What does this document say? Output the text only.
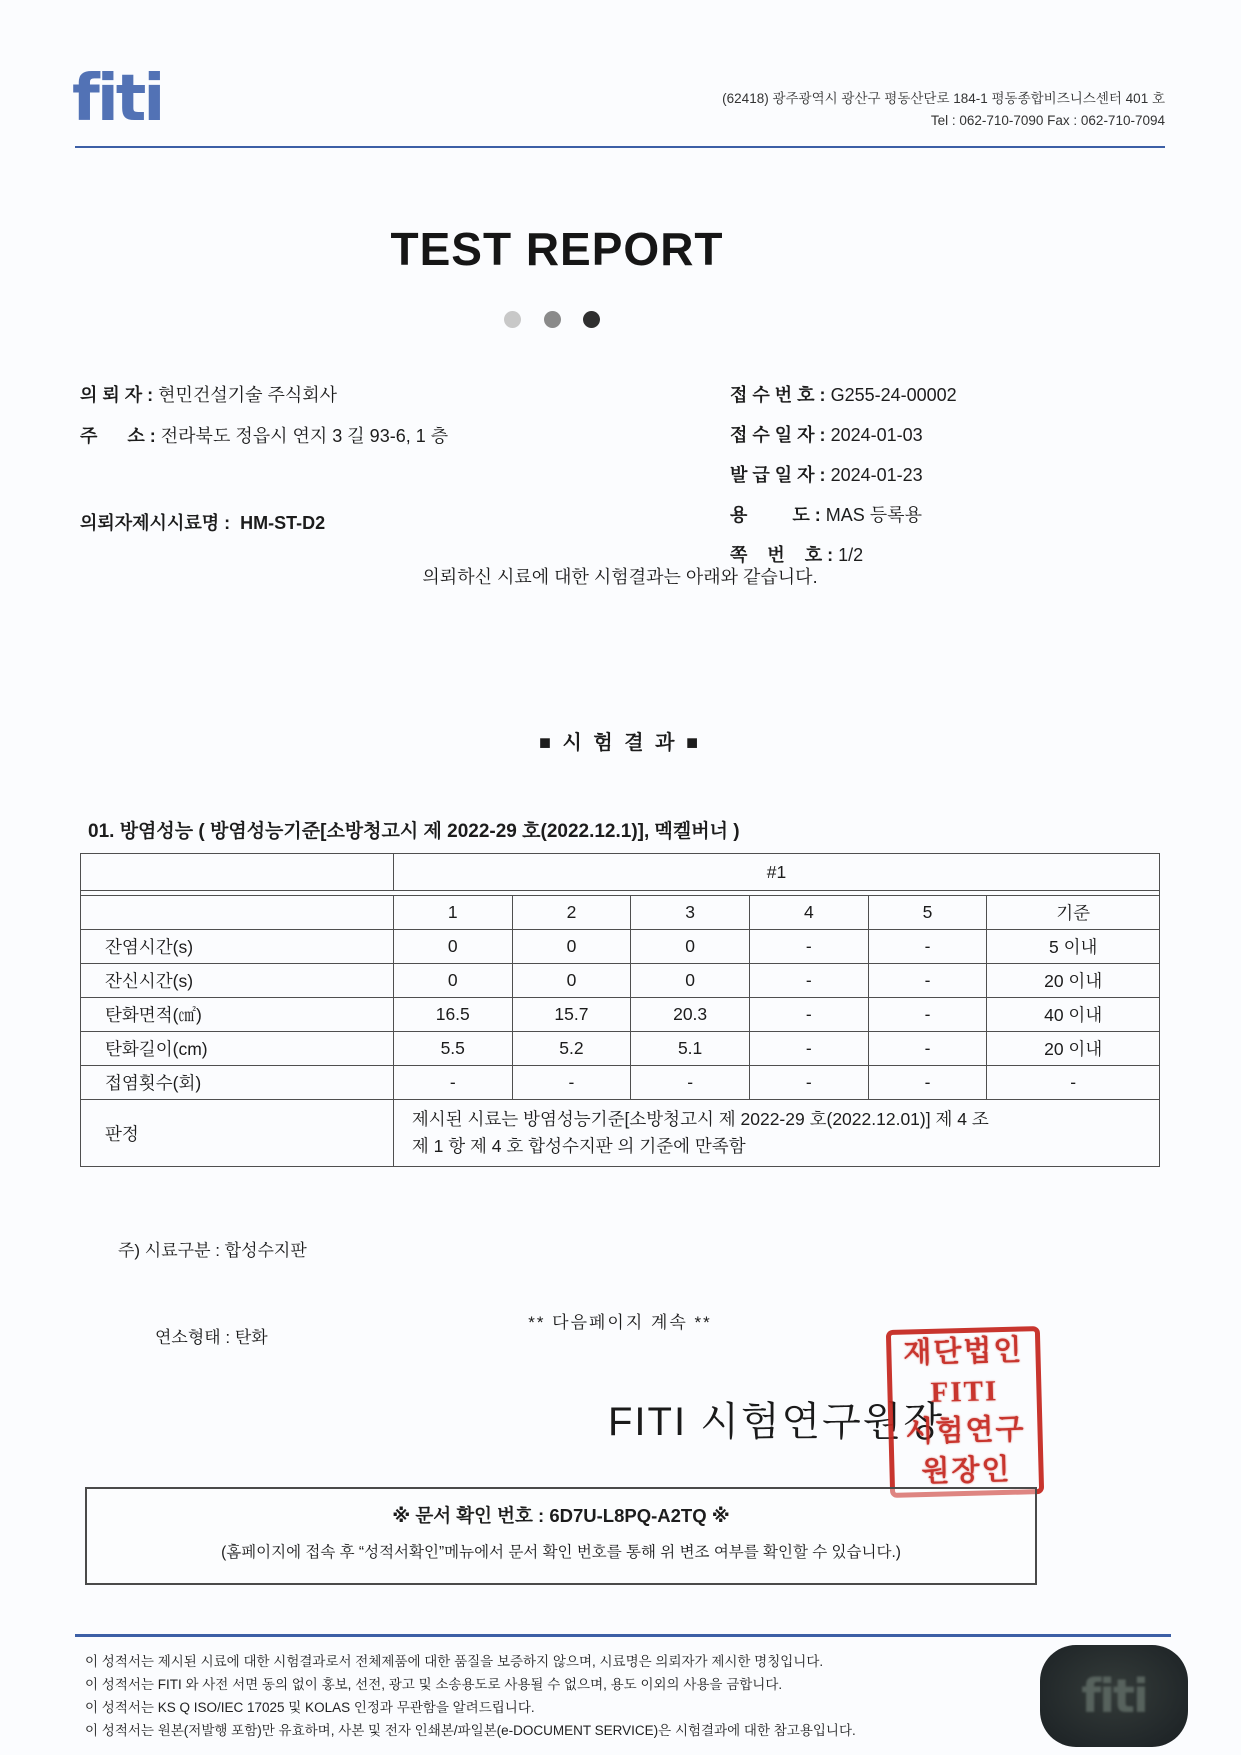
fiti	(62418) 광주광역시 광산구 평동산단로 184-1 평동종합비즈니스센터 401 호
Tel : 062-710-7090 Fax : 062-710-7094
TEST REPORT

의 뢰 자 : 현민건설기술 주식회사
주      소 : 전라북도 정읍시 연지 3 길 93-6, 1 층
의뢰자제시시료명 :  HM-ST-D2
접 수 번 호 : G255-24-00002
접 수 일 자 : 2024-01-03
발 급 일 자 : 2024-01-23
용         도 : MAS 등록용
쪽    번    호 : 1/2
의뢰하신 시료에 대한 시험결과는 아래와 같습니다.
■ 시 험 결 과 ■
01. 방염성능 ( 방염성능기준[소방청고시 제 2022-29 호(2022.12.1)], 멕켈버너 )
	#1					

	1	2	3	4	5	기준
잔염시간(s)	0	0	0	-	-	5 이내
잔신시간(s)	0	0	0	-	-	20 이내
탄화면적(㎠)	16.5	15.7	20.3	-	-	40 이내
탄화길이(cm)	5.5	5.2	5.1	-	-	20 이내
접염횟수(회)	-	-	-	-	-	-
판정	제시된 시료는 방염성능기준[소방청고시 제 2022-29 호(2022.12.01)] 제 4 조
제 1 항 제 4 호 합성수지판 의 기준에 만족함					

주) 시료구분 : 합성수지판

연소형태 : 탄화

** 다음페이지 계속 **
FITI 시험연구원장
재단법인
FITI
시험연구
원장인
※ 문서 확인 번호 : 6D7U-L8PQ-A2TQ ※
(홈페이지에 접속 후 “성적서확인”메뉴에서 문서 확인 번호를 통해 위 변조 여부를 확인할 수 있습니다.)
이 성적서는 제시된 시료에 대한 시험결과로서 전체제품에 대한 품질을 보증하지 않으며, 시료명은 의뢰자가 제시한 명칭입니다.
이 성적서는 FITI 와 사전 서면 동의 없이 홍보, 선전, 광고 및 소송용도로 사용될 수 없으며, 용도 이외의 사용을 금합니다.
이 성적서는 KS Q ISO/IEC 17025 및 KOLAS 인정과 무관함을 알려드립니다.
이 성적서는 원본(저발행 포함)만 유효하며, 사본 및 전자 인쇄본/파일본(e-DOCUMENT SERVICE)은 시험결과에 대한 참고용입니다.
fiti
